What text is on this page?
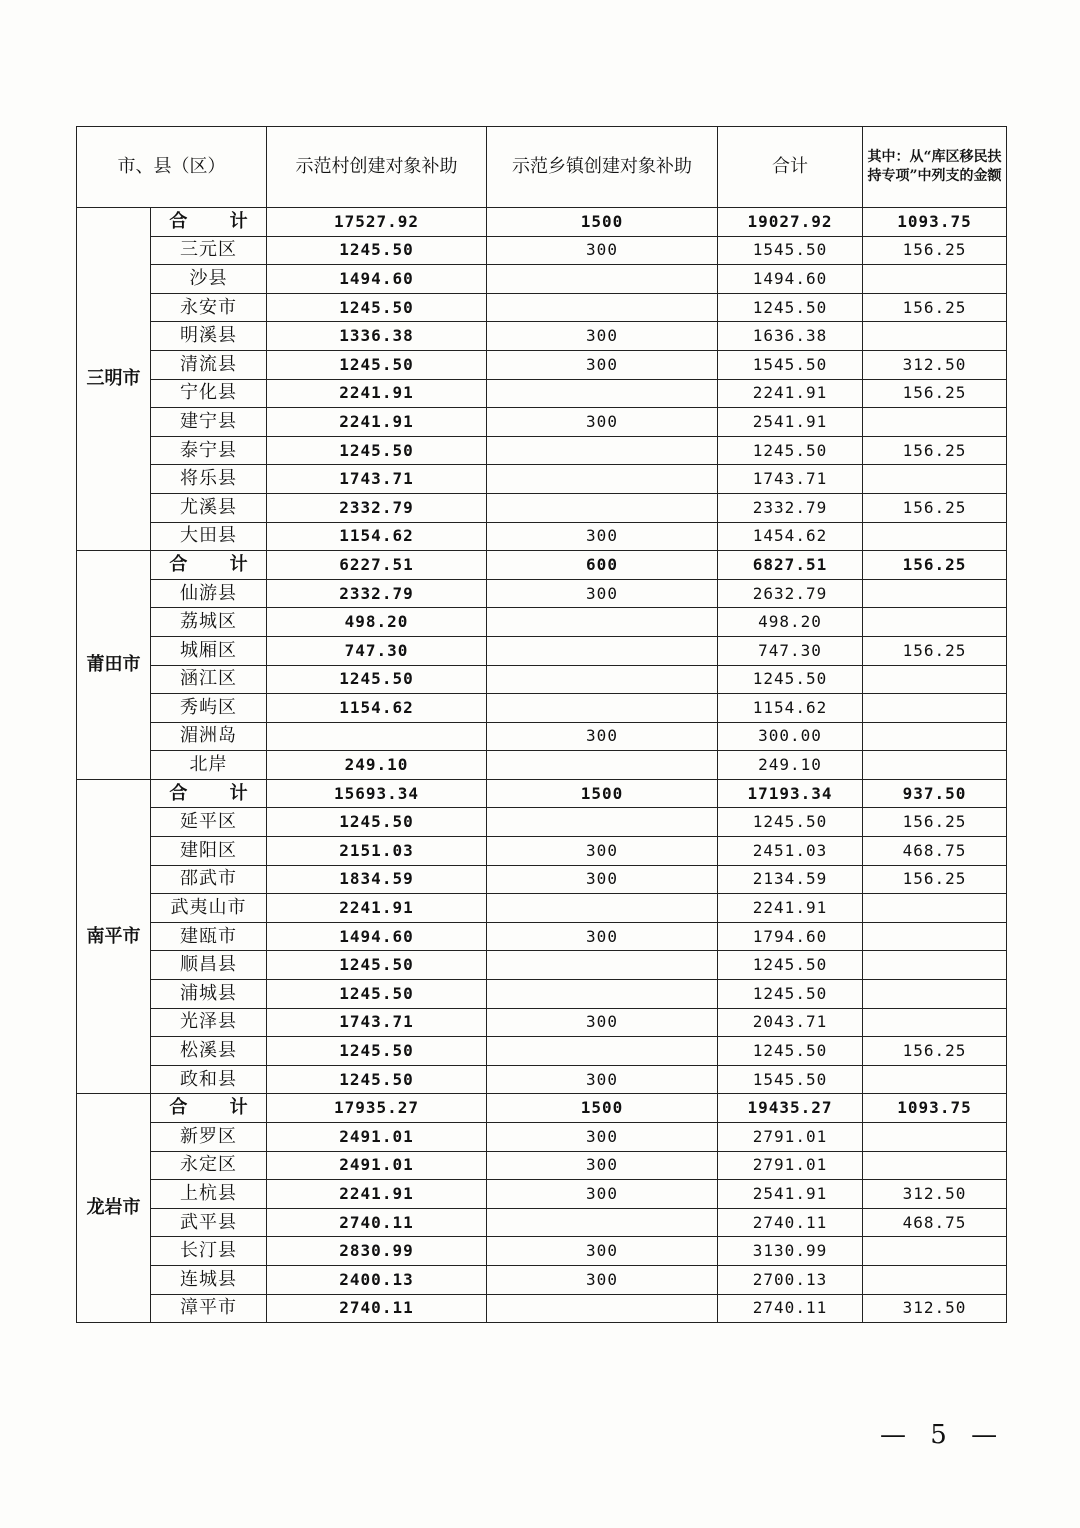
市、县（区）		示范村创建对象补助	示范乡镇创建对象补助	合计	其中：从“库区移民扶持专项”中列支的金额
三明市	合 计	17527.92	1500	19027.92	1093.75
	三元区	1245.50	300	1545.50	156.25
	沙县	1494.60		1494.60	
	永安市	1245.50		1245.50	156.25
	明溪县	1336.38	300	1636.38	
	清流县	1245.50	300	1545.50	312.50
	宁化县	2241.91		2241.91	156.25
	建宁县	2241.91	300	2541.91	
	泰宁县	1245.50		1245.50	156.25
	将乐县	1743.71		1743.71	
	尤溪县	2332.79		2332.79	156.25
	大田县	1154.62	300	1454.62	
莆田市	合 计	6227.51	600	6827.51	156.25
	仙游县	2332.79	300	2632.79	
	荔城区	498.20		498.20	
	城厢区	747.30		747.30	156.25
	涵江区	1245.50		1245.50	
	秀屿区	1154.62		1154.62	
	湄洲岛		300	300.00	
	北岸	249.10		249.10	
南平市	合 计	15693.34	1500	17193.34	937.50
	延平区	1245.50		1245.50	156.25
	建阳区	2151.03	300	2451.03	468.75
	邵武市	1834.59	300	2134.59	156.25
	武夷山市	2241.91		2241.91	
	建瓯市	1494.60	300	1794.60	
	顺昌县	1245.50		1245.50	
	浦城县	1245.50		1245.50	
	光泽县	1743.71	300	2043.71	
	松溪县	1245.50		1245.50	156.25
	政和县	1245.50	300	1545.50	
龙岩市	合 计	17935.27	1500	19435.27	1093.75
	新罗区	2491.01	300	2791.01	
	永定区	2491.01	300	2791.01	
	上杭县	2241.91	300	2541.91	312.50
	武平县	2740.11		2740.11	468.75
	长汀县	2830.99	300	3130.99	
	连城县	2400.13	300	2700.13	
	漳平市	2740.11		2740.11	312.50
— 5 —
